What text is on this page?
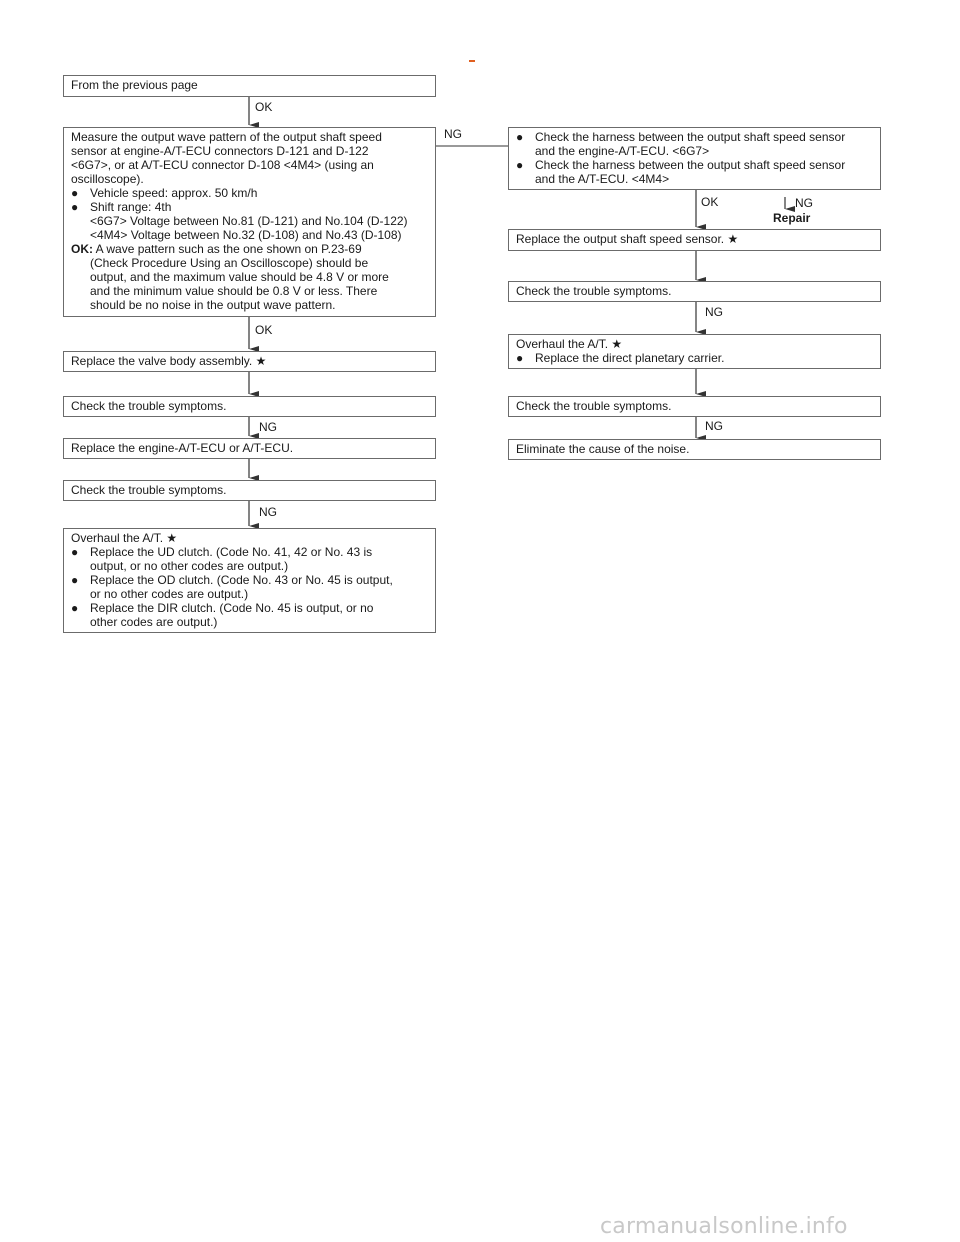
From the previous page
OK
Measure the output wave pattern of the output shaft speed
sensor at engine-A/T-ECU connectors D-121 and D-122
<6G7>, or at A/T-ECU connector D-108 <4M4> (using an
oscilloscope).
● Vehicle speed: approx. 50 km/h
● Shift range: 4th
<6G7> Voltage between No.81 (D-121) and No.104 (D-122)
<4M4> Voltage between No.32 (D-108) and No.43 (D-108)
OK: A wave pattern such as the one shown on P.23-69
(Check Procedure Using an Oscilloscope) should be
output, and the maximum value should be 4.8 V or more
and the minimum value should be 0.8 V or less. There
should be no noise in the output wave pattern.
NG
OK
Replace the valve body assembly. ★
Check the trouble symptoms.
NG
Replace the engine-A/T-ECU or A/T-ECU.
Check the trouble symptoms.
NG
Overhaul the A/T. ★
● Replace the UD clutch. (Code No. 41, 42 or No. 43 is
output, or no other codes are output.)
● Replace the OD clutch. (Code No. 43 or No. 45 is output,
or no other codes are output.)
● Replace the DIR clutch. (Code No. 45 is output, or no
other codes are output.)
● Check the harness between the output shaft speed sensor
and the engine-A/T-ECU. <6G7>
● Check the harness between the output shaft speed sensor
and the A/T-ECU. <4M4>
OK	NG
Repair
Replace the output shaft speed sensor. ★
Check the trouble symptoms.
NG
Overhaul the A/T. ★
● Replace the direct planetary carrier.
Check the trouble symptoms.
NG
Eliminate the cause of the noise.
carmanualsonline.info
